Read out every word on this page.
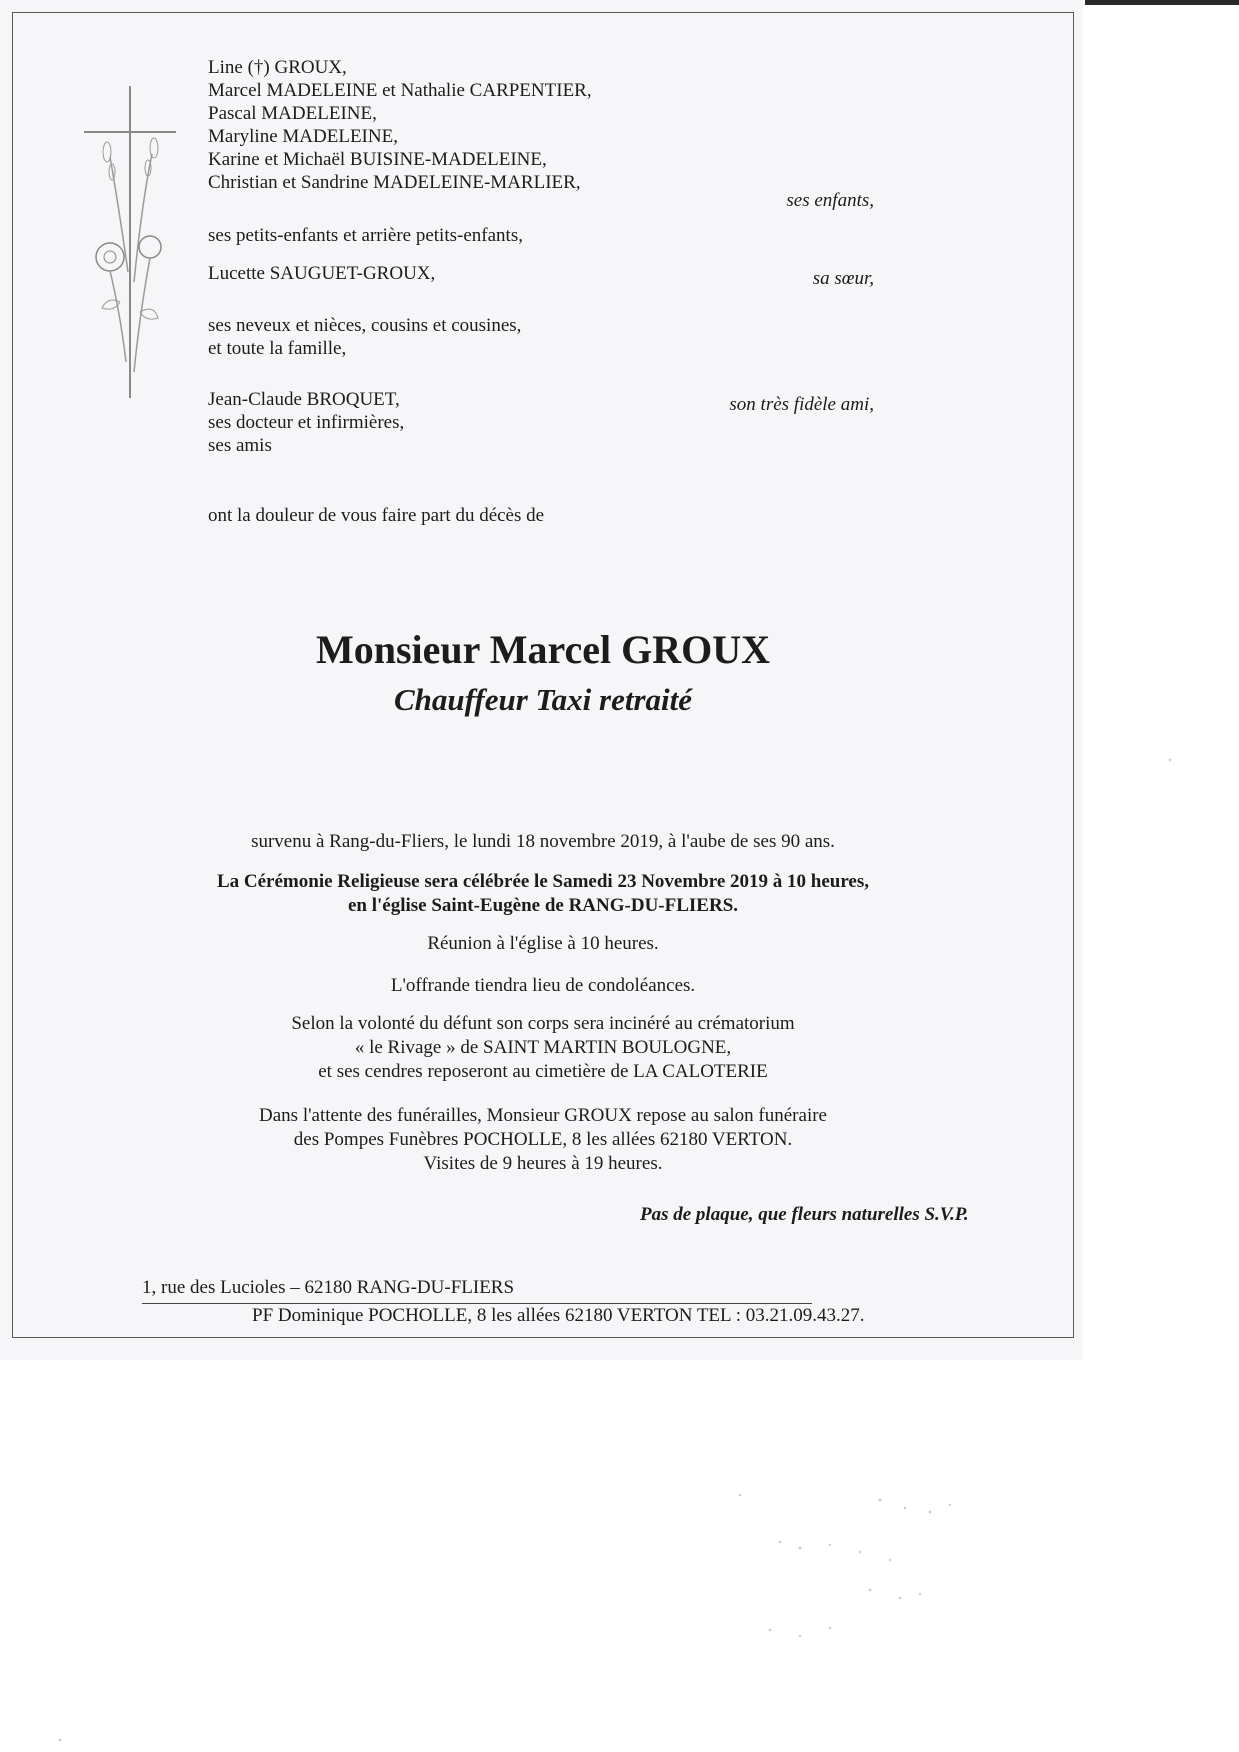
Line (†) GROUX,
Marcel MADELEINE et Nathalie CARPENTIER,
Pascal MADELEINE,
Maryline MADELEINE,
Karine et Michaël BUISINE-MADELEINE,
Christian et Sandrine MADELEINE-MARLIER,
ses enfants,
ses petits-enfants et arrière petits-enfants,
Lucette SAUGUET-GROUX,	sa sœur,
ses neveux et nièces, cousins et cousines,
et toute la famille,
Jean-Claude BROQUET,
ses docteur et infirmières,
ses amis
son très fidèle ami,
ont la douleur de vous faire part du décès de
Monsieur Marcel GROUX
Chauffeur Taxi retraité
survenu à Rang-du-Fliers, le lundi 18 novembre 2019, à l'aube de ses 90 ans.
La Cérémonie Religieuse sera célébrée le Samedi 23 Novembre 2019 à 10 heures,
en l'église Saint-Eugène de RANG-DU-FLIERS.
Réunion à l'église à 10 heures.
L'offrande tiendra lieu de condoléances.
Selon la volonté du défunt son corps sera incinéré au crématorium
« le Rivage » de SAINT MARTIN BOULOGNE,
et ses cendres reposeront au cimetière de LA CALOTERIE
Dans l'attente des funérailles, Monsieur GROUX repose au salon funéraire
des Pompes Funèbres POCHOLLE, 8 les allées 62180 VERTON.
Visites de 9 heures à 19 heures.
Pas de plaque, que fleurs naturelles S.V.P.
1, rue des Lucioles – 62180 RANG-DU-FLIERS
PF Dominique POCHOLLE, 8 les allées 62180 VERTON TEL : 03.21.09.43.27.
